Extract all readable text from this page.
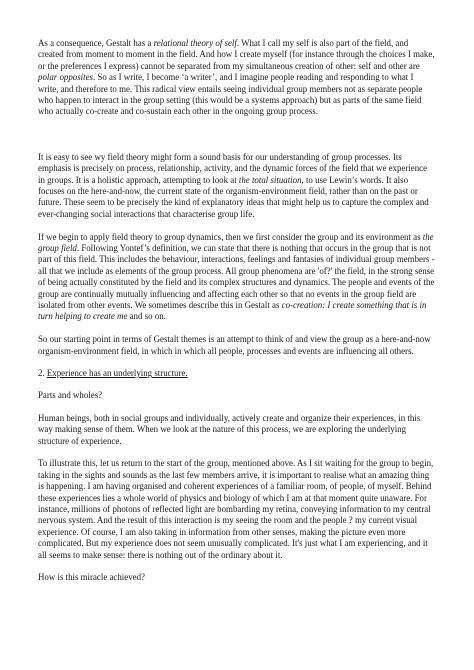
As a consequence, Gestalt has a relational theory of self. What I call my self is also part of the field, and created from moment to moment in the field. And how I create myself (for instance through the choices I make, or the preferences I express) cannot be separated from my simultaneous creation of other: self and other are polar opposites. So as I write, I become ‘a writer’, and I imagine people reading and responding to what I write, and therefore to me. This radical view entails seeing individual group members not as separate people who happen to interact in the group setting (this would be a systems approach) but as parts of the same field who actually co-create and co-sustain each other in the ongoing group process.

It is easy to see wy field theory might form a sound basis for our understanding of group processes. Its emphasis is precisely on process, relationship, activity, and the dynamic forces of the field that we experience in groups. It is a holistic approach, attempting to look at the total situation, to use Lewin’s words. It also focuses on the here-and-now, the current state of the organism-environment field, rather than on the past or future. These seem to be precisely the kind of explanatory ideas that might help us to capture the complex and ever-changing social interactions that characterise group life.

If we begin to apply field theory to group dynamics, then we first consider the group and its environment as the group field. Following Yontef’s definition, we can state that there is nothing that occurs in the group that is not part of this field. This includes the behaviour, interactions, feelings and fantasies of individual group members - all that we include as elements of the group process. All group phenomena are 'of?' the field, in the strong sense of being actually constituted by the field and its complex structures and dynamics. The people and events of the group are continually mutually influencing and affecting each other so that no events in the group field are isolated from other events. We sometimes describe this in Gestalt as co-creation: I create something that is in turn helping to create me and so on.

So our starting point in terms of Gestalt themes is an attempt to think of and view the group as a here-and-now organism-environment field, in which in which all people, processes and events are influencing all others.

2. Experience has an underlying structure.

Parts and wholes?

Human beings, both in social groups and individually, actively create and organize their experiences, in this way making sense of them. When we look at the nature of this process, we are exploring the underlying structure of experience.

To illustrate this, let us return to the start of the group, mentioned above. As I sit waiting for the group to begin, taking in the sights and sounds as the last few members arrive, it is important to realise what an amazing thing is happening. I am having organised and coherent experiences of a familiar room, of people, of myself. Behind these experiences lies a whole world of physics and biology of which I am at that moment quite unaware. For instance, millions of photons of reflected light are bombarding my retina, conveying information to my central nervous system. And the result of this interaction is my seeing the room and the people ? my current visual experience. Of course, I am also taking in information from other senses, making the picture even more complicated. But my experience does not seem unusually complicated. It's just what I am experiencing, and it all seems to make sense: there is nothing out of the ordinary about it.

How is this miracle achieved?
